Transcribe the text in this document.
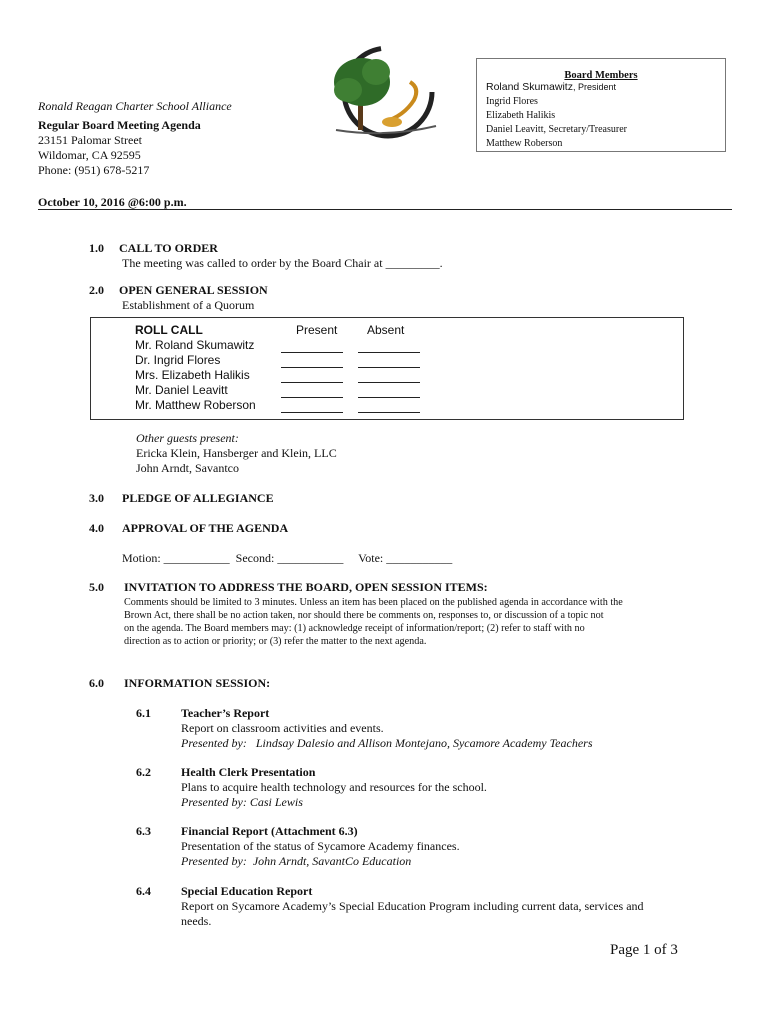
Ronald Reagan Charter School Alliance
Regular Board Meeting Agenda
23151 Palomar Street
Wildomar, CA 92595
Phone: (951) 678-5217
Board Members
Roland Skumawitz, President
Ingrid Flores
Elizabeth Halikis
Daniel Leavitt, Secretary/Treasurer
Matthew Roberson
October 10, 2016 @6:00 p.m.
1.0 CALL TO ORDER
The meeting was called to order by the Board Chair at _________.
2.0 OPEN GENERAL SESSION
Establishment of a Quorum
ROLL CALL	Present Absent
Mr. Roland Skumawitz
Dr. Ingrid Flores
Mrs. Elizabeth Halikis
Mr. Daniel Leavitt
Mr. Matthew Roberson
Other guests present:
Ericka Klein, Hansberger and Klein, LLC
John Arndt, Savantco
3.0 PLEDGE OF ALLEGIANCE
4.0 APPROVAL OF THE AGENDA
Motion: ___________  Second: ___________     Vote: ___________
5.0 INVITATION TO ADDRESS THE BOARD, OPEN SESSION ITEMS:
Comments should be limited to 3 minutes. Unless an item has been placed on the published agenda in accordance with the
Brown Act, there shall be no action taken, nor should there be comments on, responses to, or discussion of a topic not
on the agenda. The Board members may: (1) acknowledge receipt of information/report; (2) refer to staff with no
direction as to action or priority; or (3) refer the matter to the next agenda.
6.0 INFORMATION SESSION:
6.1	Teacher’s Report
Report on classroom activities and events.
Presented by:   Lindsay Dalesio and Allison Montejano, Sycamore Academy Teachers
6.2	Health Clerk Presentation
Plans to acquire health technology and resources for the school.
Presented by: Casi Lewis
6.3	Financial Report (Attachment 6.3)
Presentation of the status of Sycamore Academy finances.
Presented by:  John Arndt, SavantCo Education
6.4	Special Education Report
Report on Sycamore Academy’s Special Education Program including current data, services and
needs.
Page 1 of 3
